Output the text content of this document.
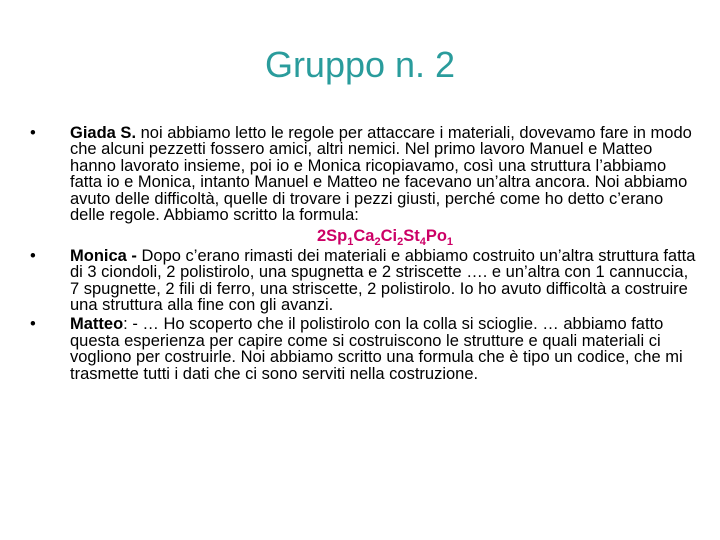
Gruppo n. 2
•	Giada S. noi abbiamo letto le regole per attaccare i materiali, dovevamo fare in modo che alcuni pezzetti fossero amici, altri nemici. Nel primo lavoro Manuel e Matteo hanno lavorato insieme, poi io e Monica ricopiavamo, così una struttura l’abbiamo fatta io e Monica, intanto Manuel e Matteo ne facevano un’altra ancora. Noi abbiamo avuto delle difficoltà, quelle di trovare i pezzi giusti, perché come ho detto c’erano delle regole. Abbiamo scritto la formula:
$2Sp_1Ca_2Ci_2St_4Po_1$
•	Monica - Dopo c’erano rimasti dei materiali e abbiamo costruito un’altra struttura fatta di 3 ciondoli, 2 polistirolo, una spugnetta e 2 striscette …. e un’altra con 1 cannuccia, 7 spugnette, 2 fili di ferro, una striscette, 2 polistirolo. Io ho avuto difficoltà a costruire una struttura alla fine con gli avanzi.
•	Matteo: - … Ho scoperto che il polistirolo con la colla si scioglie. … abbiamo fatto questa esperienza per capire come si costruiscono le strutture e quali materiali ci vogliono per costruirle. Noi abbiamo scritto una formula che è tipo un codice, che mi trasmette tutti i dati che ci sono serviti nella costruzione.
